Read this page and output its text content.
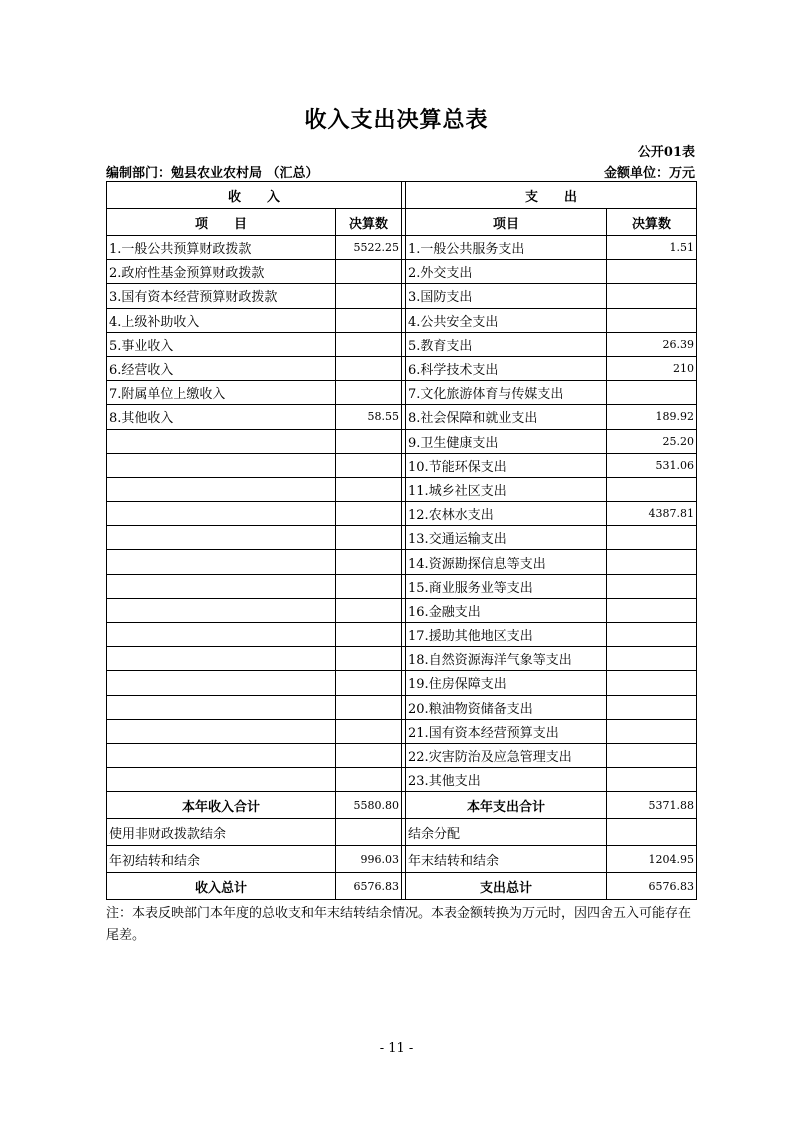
收入支出决算总表
公开01表
编制部门：勉县农业农村局 （汇总）	金额单位：万元
收　　入			支　　出	
项　　目	决算数		项目	决算数
1.一般公共预算财政拨款	5522.25		1.一般公共服务支出	1.51
2.政府性基金预算财政拨款			2.外交支出	
3.国有资本经营预算财政拨款			3.国防支出	
4.上级补助收入			4.公共安全支出	
5.事业收入			5.教育支出	26.39
6.经营收入			6.科学技术支出	210
7.附属单位上缴收入			7.文化旅游体育与传媒支出	
8.其他收入	58.55		8.社会保障和就业支出	189.92
			9.卫生健康支出	25.20
			10.节能环保支出	531.06
			11.城乡社区支出	
			12.农林水支出	4387.81
			13.交通运输支出	
			14.资源勘探信息等支出	
			15.商业服务业等支出	
			16.金融支出	
			17.援助其他地区支出	
			18.自然资源海洋气象等支出	
			19.住房保障支出	
			20.粮油物资储备支出	
			21.国有资本经营预算支出	
			22.灾害防治及应急管理支出	
			23.其他支出	
本年收入合计	5580.80		本年支出合计	5371.88
使用非财政拨款结余			结余分配	
年初结转和结余	996.03		年末结转和结余	1204.95
收入总计	6576.83		支出总计	6576.83
注：本表反映部门本年度的总收支和年末结转结余情况。本表金额转换为万元时，因四舍五入可能存在尾差。
- 11 -
